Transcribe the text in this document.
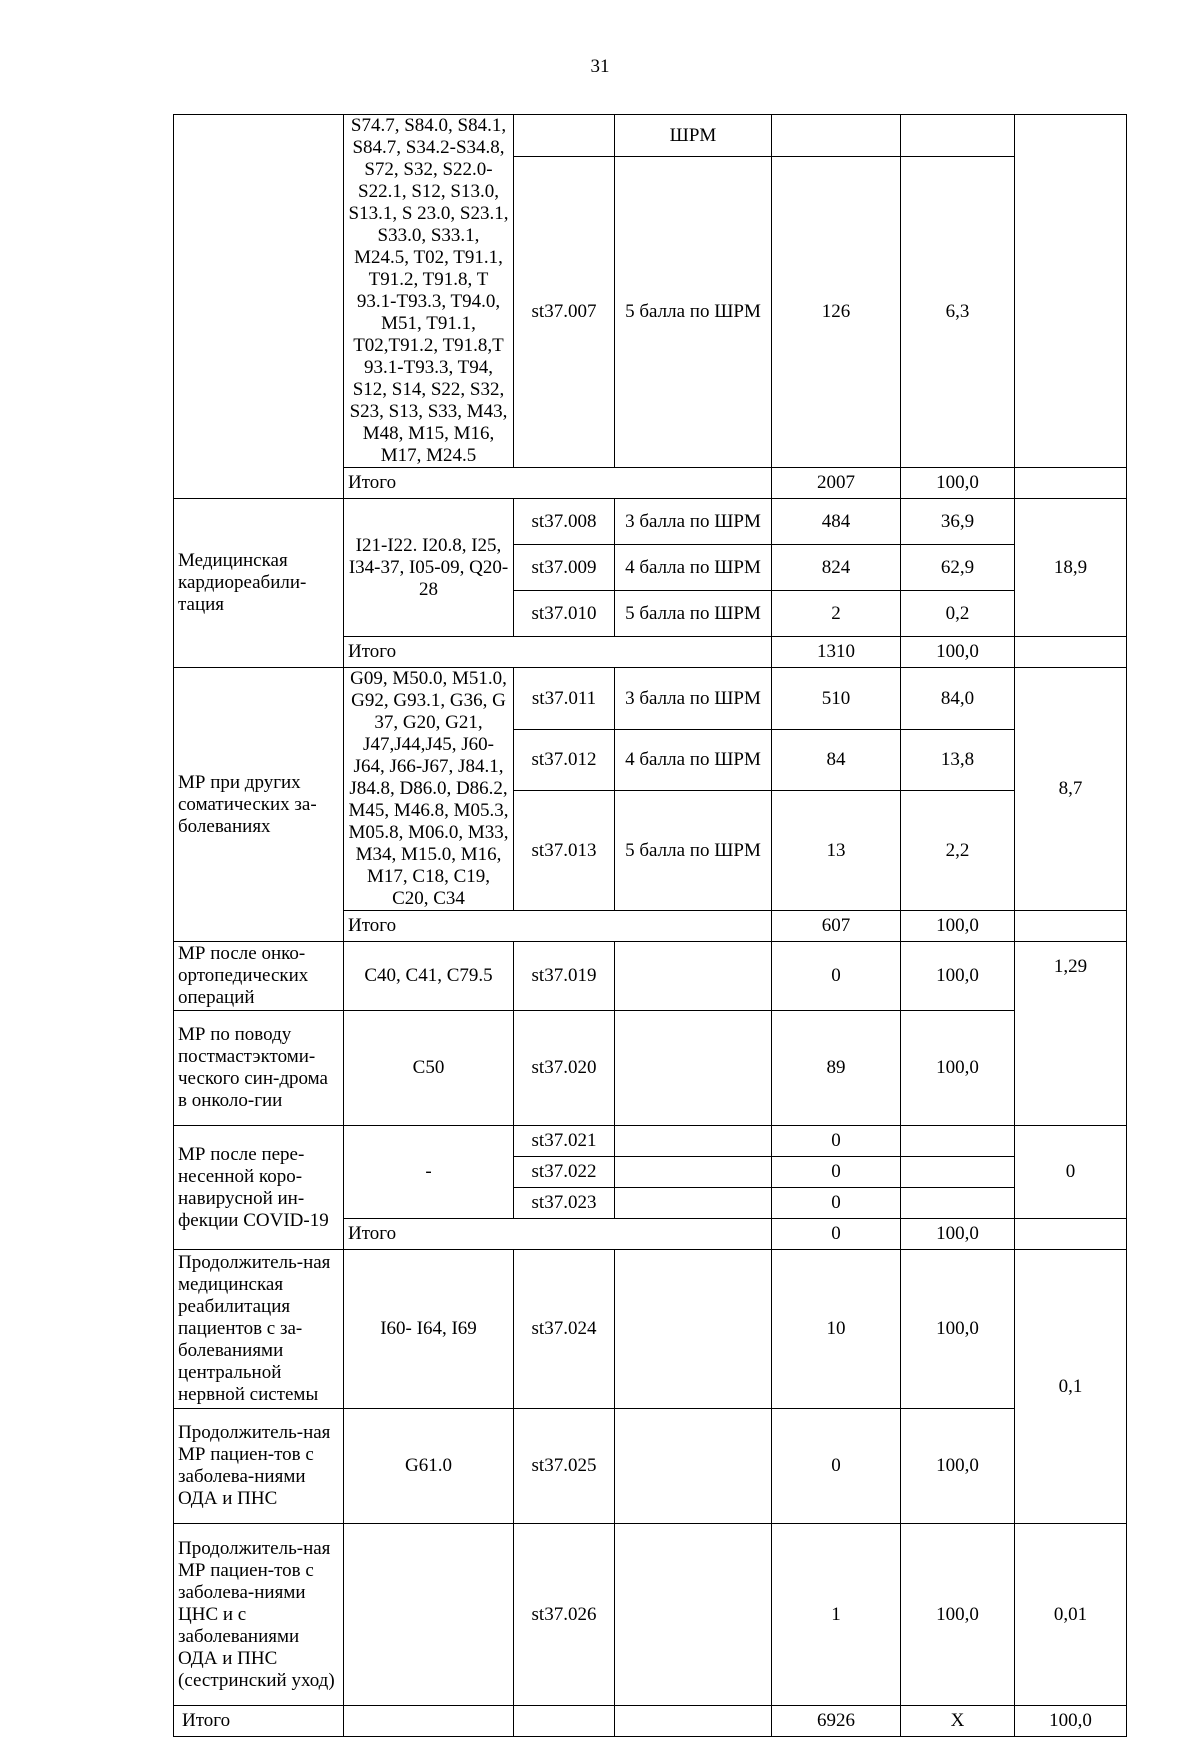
31
	S74.7, S84.0, S84.1, S84.7, S34.2-S34.8, S72, S32, S22.0-S22.1, S12, S13.0, S13.1, S 23.0, S23.1, S33.0, S33.1, M24.5, T02, T91.1, T91.2, T91.8, T 93.1-T93.3, T94.0, M51, T91.1, T02,T91.2, T91.8,T 93.1-T93.3, T94, S12, S14, S22, S32, S23, S13, S33, M43, M48, M15, M16, M17, M24.5		ШРМ			
		st37.007	5 балла по ШРМ	126	6,3	
	Итого			2007	100,0	
Медицинская кардиореабили-тация	I21-I22. I20.8, I25, I34-37, I05-09, Q20-28	st37.008	3 балла по ШРМ	484	36,9	18,9
		st37.009	4 балла по ШРМ	824	62,9	
		st37.010	5 балла по ШРМ	2	0,2	
	Итого			1310	100,0	
МР при других соматических за-болеваниях	G09, M50.0, M51.0, G92, G93.1, G36, G 37, G20, G21, J47,J44,J45, J60-J64, J66-J67, J84.1, J84.8, D86.0, D86.2, M45, M46.8, M05.3, M05.8, M06.0, M33, M34, M15.0, M16, M17, C18, C19, C20, C34	st37.011	3 балла по ШРМ	510	84,0	8,7
		st37.012	4 балла по ШРМ	84	13,8	
		st37.013	5 балла по ШРМ	13	2,2	
	Итого			607	100,0	
МР после онко-ортопедических операций	C40, C41, C79.5	st37.019		0	100,0	1,29
МР по поводу постмастэктоми-ческого син-дрома в онколо-гии	C50	st37.020		89	100,0	
МР после пере-несенной коро-навирусной ин-фекции COVID-19	-	st37.021		0		0
		st37.022		0		
		st37.023		0		
	Итого			0	100,0	
Продолжитель-ная медицинская реабилитация пациентов с за-болеваниями центральной нервной системы	I60- I64, I69	st37.024		10	100,0	0,1
Продолжитель-ная МР пациен-тов с заболева-ниями ОДА и ПНС	G61.0	st37.025		0	100,0	
Продолжитель-ная МР пациен-тов с заболева-ниями ЦНС и с заболеваниями ОДА и ПНС (сестринский уход)		st37.026		1	100,0	0,01
Итого				6926	Х	100,0
